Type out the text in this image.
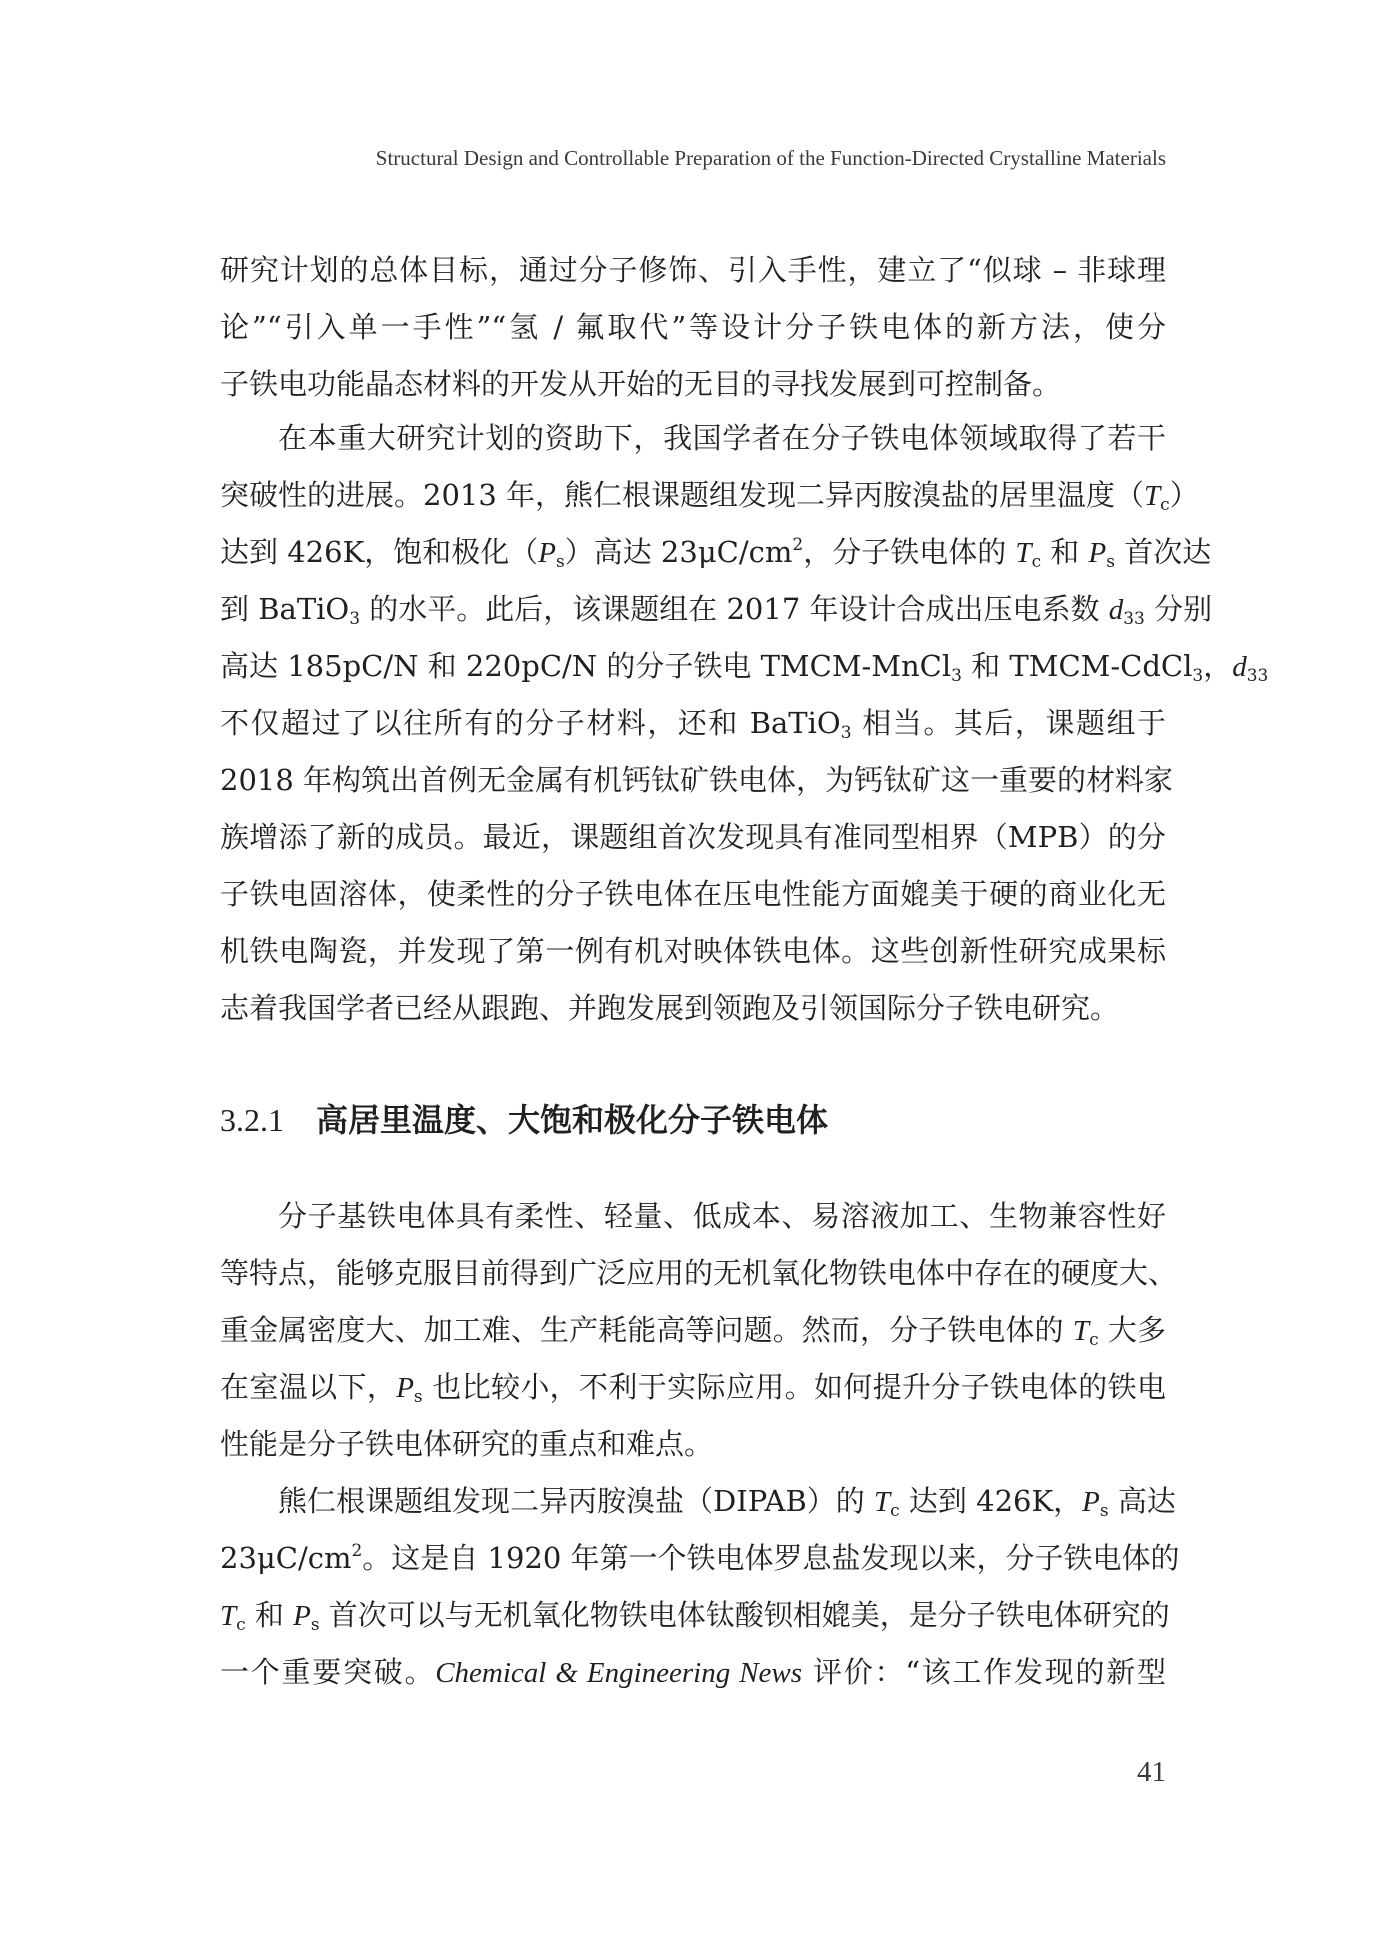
Structural Design and Controllable Preparation of the Function-Directed Crystalline Materials
研究计划的总体目标，通过分子修饰、引入手性，建立了“似球 – 非球理
论”“引入单一手性”“氢 / 氟取代”等设计分子铁电体的新方法，使分
子铁电功能晶态材料的开发从开始的无目的寻找发展到可控制备。
在本重大研究计划的资助下，我国学者在分子铁电体领域取得了若干
突破性的进展。2013 年，熊仁根课题组发现二异丙胺溴盐的居里温度$(T_c)$
达到 426K，饱和极化$(P_s)$高达 $23\mu C/cm^2$，分子铁电体的 $T_c$ 和 $P_s$ 首次达
到 BaTiO$_3$ 的水平。此后，该课题组在 2017 年设计合成出压电系数 $d_{33}$ 分别
高达 185pC/N 和 220pC/N 的分子铁电 TMCM-MnCl$_3$ 和 TMCM-CdCl$_3$，$d_{33}$
不仅超过了以往所有的分子材料，还和 BaTiO$_3$ 相当。其后，课题组于
2018 年构筑出首例无金属有机钙钛矿铁电体，为钙钛矿这一重要的材料家
族增添了新的成员。最近，课题组首次发现具有准同型相界（MPB）的分
子铁电固溶体，使柔性的分子铁电体在压电性能方面媲美于硬的商业化无
机铁电陶瓷，并发现了第一例有机对映体铁电体。这些创新性研究成果标
志着我国学者已经从跟跑、并跑发展到领跑及引领国际分子铁电研究。
3.2.1 高居里温度、大饱和极化分子铁电体
分子基铁电体具有柔性、轻量、低成本、易溶液加工、生物兼容性好
等特点，能够克服目前得到广泛应用的无机氧化物铁电体中存在的硬度大、
重金属密度大、加工难、生产耗能高等问题。然而，分子铁电体的 $T_c$ 大多
在室温以下，$P_s$ 也比较小，不利于实际应用。如何提升分子铁电体的铁电
性能是分子铁电体研究的重点和难点。
熊仁根课题组发现二异丙胺溴盐（DIPAB）的 $T_c$ 达到 426K，$P_s$ 高达
$23\mu C/cm^2$。这是自 1920 年第一个铁电体罗息盐发现以来，分子铁电体的
$T_c$ 和 $P_s$ 首次可以与无机氧化物铁电体钛酸钡相媲美，是分子铁电体研究的
一个重要突破。Chemical & Engineering News 评价：“该工作发现的新型
41
